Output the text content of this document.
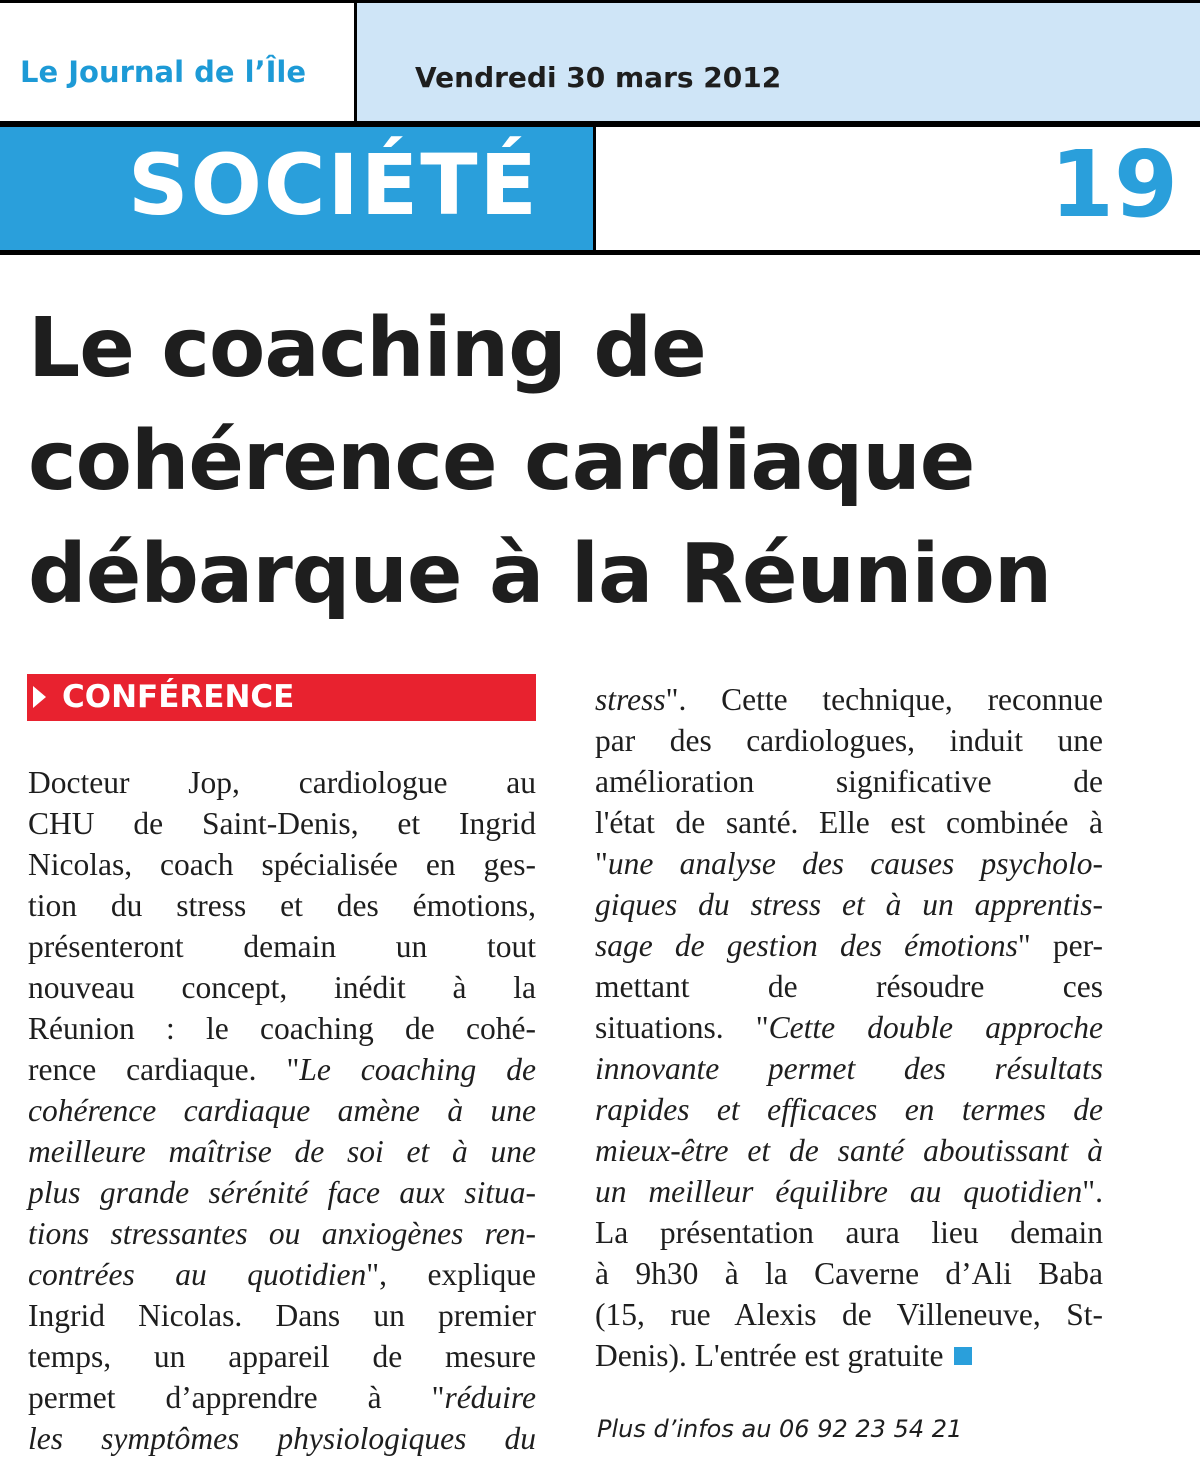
Le Journal de l’Île	Vendredi 30 mars 2012
SOCIÉTÉ	19
Le coaching de
cohérence cardiaque
débarque à la Réunion
CONFÉRENCE
Docteur Jop, cardiologue au
CHU de Saint-Denis, et Ingrid
Nicolas, coach spécialisée en ges-
tion du stress et des émotions,
présenteront demain un tout
nouveau concept, inédit à la
Réunion : le coaching de cohé-
rence cardiaque. "Le coaching de
cohérence cardiaque amène à une
meilleure maîtrise de soi et à une
plus grande sérénité face aux situa-
tions stressantes ou anxiogènes ren-
contrées au quotidien", explique
Ingrid Nicolas. Dans un premier
temps, un appareil de mesure
permet d’apprendre à "réduire
les symptômes physiologiques du
stress". Cette technique, reconnue
par des cardiologues, induit une
amélioration significative de
l'état de santé. Elle est combinée à
"une analyse des causes psycholo-
giques du stress et à un apprentis-
sage de gestion des émotions" per-
mettant de résoudre ces
situations. "Cette double approche
innovante permet des résultats
rapides et efficaces en termes de
mieux-être et de santé aboutissant à
un meilleur équilibre au quotidien".
La présentation aura lieu demain
à 9h30 à la Caverne d’Ali Baba
(15, rue Alexis de Villeneuve, St-
Denis). L'entrée est gratuite
Plus d’infos au 06 92 23 54 21
